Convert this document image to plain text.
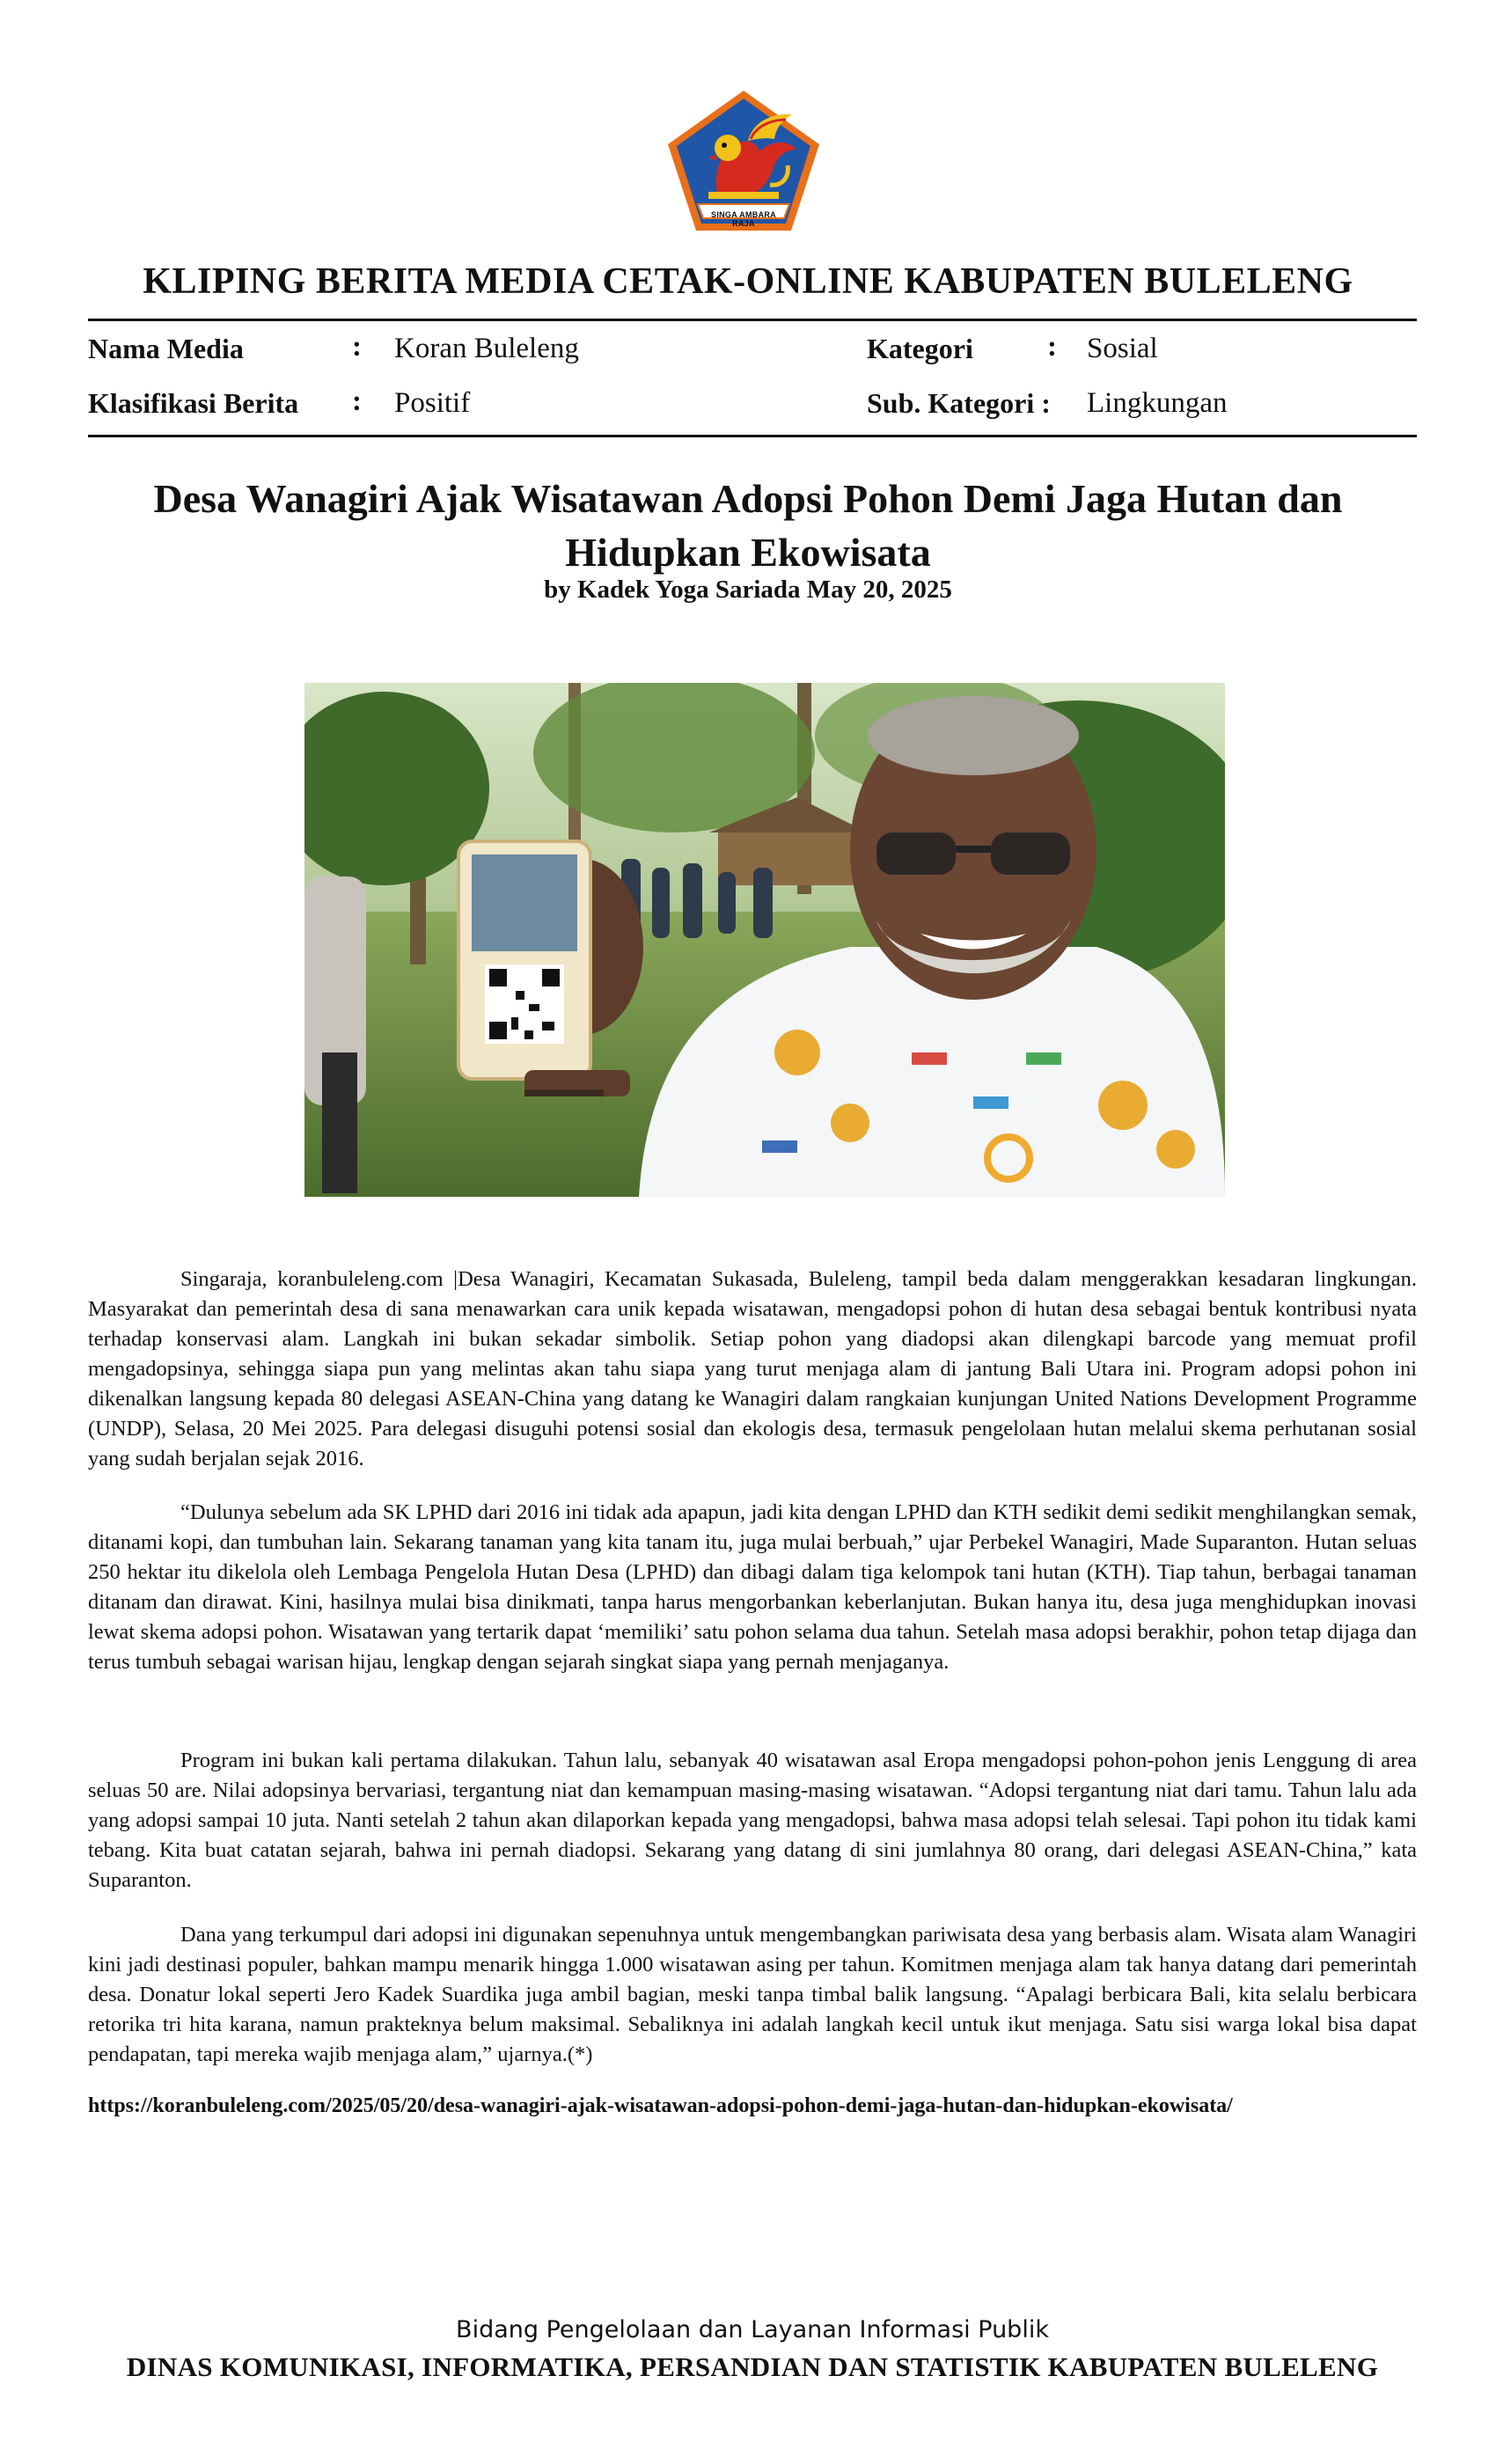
SINGA AMBARA RAJA
KLIPING BERITA MEDIA CETAK-ONLINE KABUPATEN BULELENG
Nama Media	: Koran Buleleng
Klasifikasi Berita : Positif
Kategori	: Sosial
Sub. Kategori : Lingkungan
Desa Wanagiri Ajak Wisatawan Adopsi Pohon Demi Jaga Hutan dan Hidupkan Ekowisata
by Kadek Yoga Sariada May 20, 2025

Singaraja, koranbuleleng.com |Desa Wanagiri, Kecamatan Sukasada, Buleleng, tampil beda dalam menggerakkan kesadaran lingkungan. Masyarakat dan pemerintah desa di sana menawarkan cara unik kepada wisatawan, mengadopsi pohon di hutan desa sebagai bentuk kontribusi nyata terhadap konservasi alam. Langkah ini bukan sekadar simbolik. Setiap pohon yang diadopsi akan dilengkapi barcode yang memuat profil mengadopsinya, sehingga siapa pun yang melintas akan tahu siapa yang turut menjaga alam di jantung Bali Utara ini. Program adopsi pohon ini dikenalkan langsung kepada 80 delegasi ASEAN-China yang datang ke Wanagiri dalam rangkaian kunjungan United Nations Development Programme (UNDP), Selasa, 20 Mei 2025. Para delegasi disuguhi potensi sosial dan ekologis desa, termasuk pengelolaan hutan melalui skema perhutanan sosial yang sudah berjalan sejak 2016.

“Dulunya sebelum ada SK LPHD dari 2016 ini tidak ada apapun, jadi kita dengan LPHD dan KTH sedikit demi sedikit menghilangkan semak, ditanami kopi, dan tumbuhan lain. Sekarang tanaman yang kita tanam itu, juga mulai berbuah,” ujar Perbekel Wanagiri, Made Suparanton. Hutan seluas 250 hektar itu dikelola oleh Lembaga Pengelola Hutan Desa (LPHD) dan dibagi dalam tiga kelompok tani hutan (KTH). Tiap tahun, berbagai tanaman ditanam dan dirawat. Kini, hasilnya mulai bisa dinikmati, tanpa harus mengorbankan keberlanjutan. Bukan hanya itu, desa juga menghidupkan inovasi lewat skema adopsi pohon. Wisatawan yang tertarik dapat ‘memiliki’ satu pohon selama dua tahun. Setelah masa adopsi berakhir, pohon tetap dijaga dan terus tumbuh sebagai warisan hijau, lengkap dengan sejarah singkat siapa yang pernah menjaganya.

Program ini bukan kali pertama dilakukan. Tahun lalu, sebanyak 40 wisatawan asal Eropa mengadopsi pohon-pohon jenis Lenggung di area seluas 50 are. Nilai adopsinya bervariasi, tergantung niat dan kemampuan masing-masing wisatawan. “Adopsi tergantung niat dari tamu. Tahun lalu ada yang adopsi sampai 10 juta. Nanti setelah 2 tahun akan dilaporkan kepada yang mengadopsi, bahwa masa adopsi telah selesai. Tapi pohon itu tidak kami tebang. Kita buat catatan sejarah, bahwa ini pernah diadopsi. Sekarang yang datang di sini jumlahnya 80 orang, dari delegasi ASEAN-China,” kata Suparanton.

Dana yang terkumpul dari adopsi ini digunakan sepenuhnya untuk mengembangkan pariwisata desa yang berbasis alam. Wisata alam Wanagiri kini jadi destinasi populer, bahkan mampu menarik hingga 1.000 wisatawan asing per tahun. Komitmen menjaga alam tak hanya datang dari pemerintah desa. Donatur lokal seperti Jero Kadek Suardika juga ambil bagian, meski tanpa timbal balik langsung. “Apalagi berbicara Bali, kita selalu berbicara retorika tri hita karana, namun prakteknya belum maksimal. Sebaliknya ini adalah langkah kecil untuk ikut menjaga. Satu sisi warga lokal bisa dapat pendapatan, tapi mereka wajib menjaga alam,” ujarnya.(*)

https://koranbuleleng.com/2025/05/20/desa-wanagiri-ajak-wisatawan-adopsi-pohon-demi-jaga-hutan-dan-hidupkan-ekowisata/
Bidang Pengelolaan dan Layanan Informasi Publik
DINAS KOMUNIKASI, INFORMATIKA, PERSANDIAN DAN STATISTIK KABUPATEN BULELENG
